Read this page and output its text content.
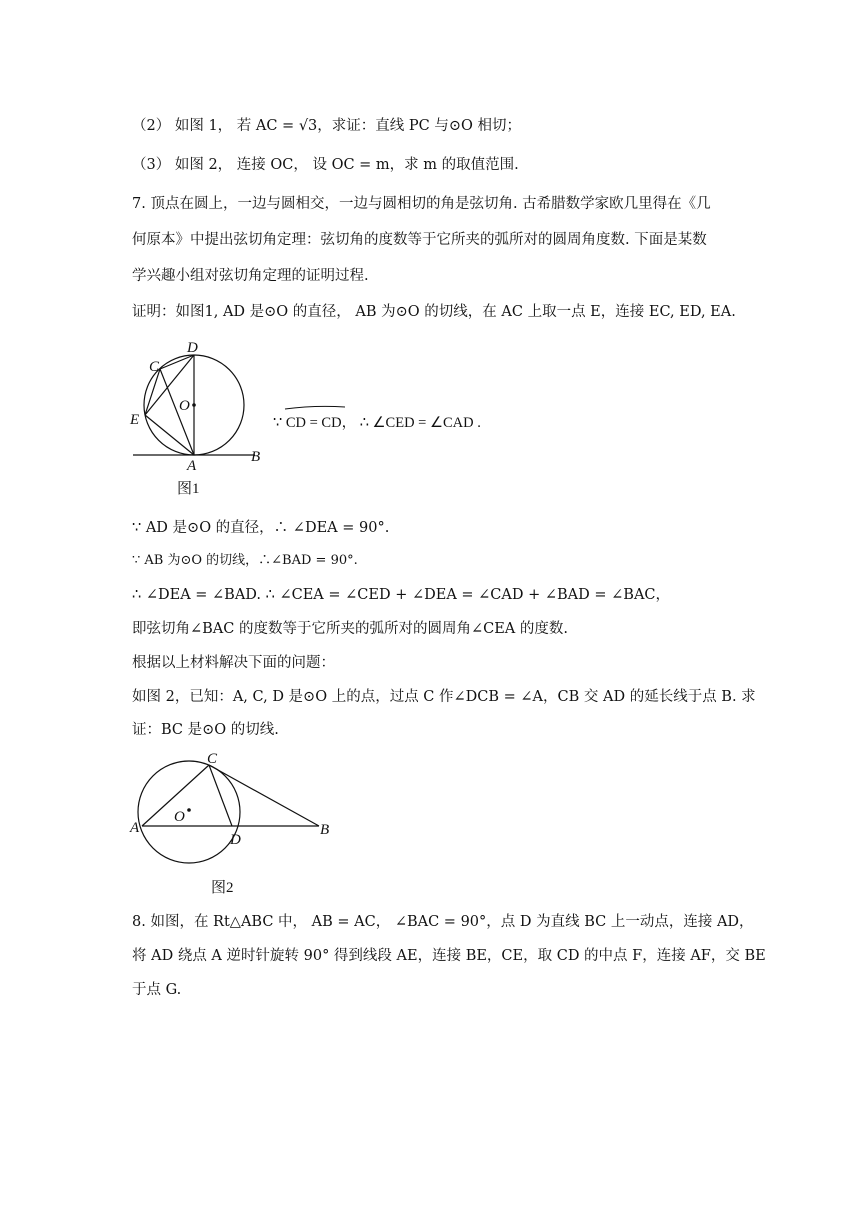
（2） 如图 1， 若 AC = √3，求证：直线 PC 与⊙O 相切；
（3） 如图 2， 连接 OC， 设 OC = m，求 m 的取值范围.
7. 顶点在圆上，一边与圆相交，一边与圆相切的角是弦切角. 古希腊数学家欧几里得在《几
何原本》中提出弦切角定理：弦切角的度数等于它所夹的弧所对的圆周角度数. 下面是某数
学兴趣小组对弦切角定理的证明过程.
证明：如图1, AD 是⊙O 的直径， AB 为⊙O 的切线，在 AC 上取一点 E，连接 EC, ED, EA.
C
D
O
E
A
B
图1
∵ CD = CD， ∴ ∠CED = ∠CAD .
∵ AD 是⊙O 的直径，∴ ∠DEA = 90°.
∵ AB 为⊙O 的切线，∴∠BAD = 90°.
∴ ∠DEA = ∠BAD. ∴ ∠CEA = ∠CED + ∠DEA = ∠CAD + ∠BAD = ∠BAC，
即弦切角∠BAC 的度数等于它所夹的弧所对的圆周角∠CEA 的度数.
根据以上材料解决下面的问题：
如图 2，已知：A, C, D 是⊙O 上的点，过点 C 作∠DCB = ∠A，CB 交 AD 的延长线于点 B. 求
证：BC 是⊙O 的切线.
C
O
A
D
B
图2
8. 如图，在 Rt△ABC 中， AB = AC， ∠BAC = 90°，点 D 为直线 BC 上一动点，连接 AD，
将 AD 绕点 A 逆时针旋转 90° 得到线段 AE，连接 BE，CE，取 CD 的中点 F，连接 AF，交 BE
于点 G.
